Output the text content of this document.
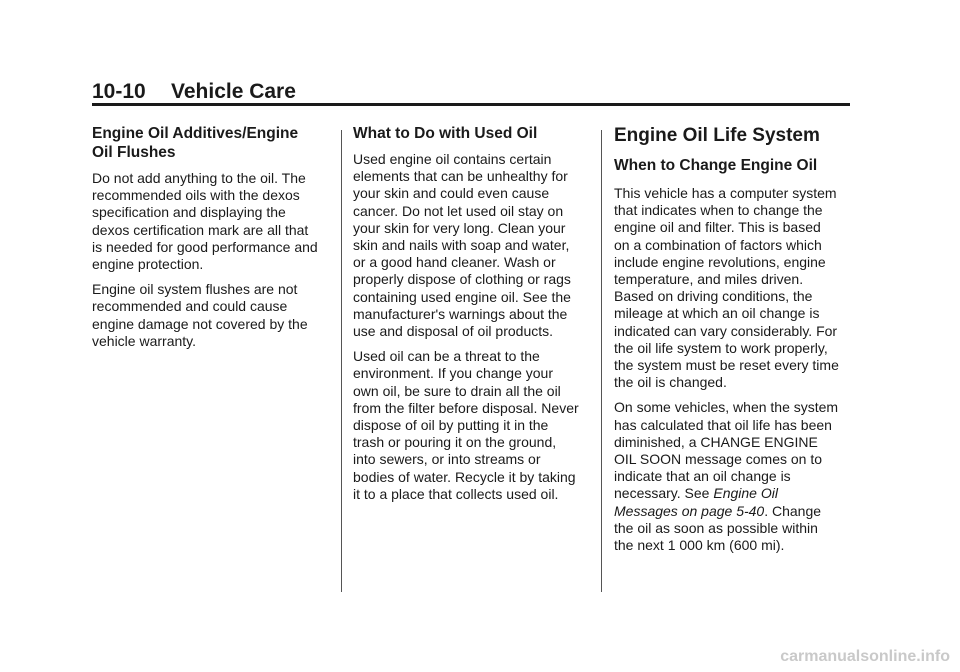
10-10 Vehicle Care
Engine Oil Additives/Engine
Oil Flushes

Do not add anything to the oil. The
recommended oils with the dexos
specification and displaying the
dexos certification mark are all that
is needed for good performance and
engine protection.

Engine oil system flushes are not
recommended and could cause
engine damage not covered by the
vehicle warranty.

What to Do with Used Oil

Used engine oil contains certain
elements that can be unhealthy for
your skin and could even cause
cancer. Do not let used oil stay on
your skin for very long. Clean your
skin and nails with soap and water,
or a good hand cleaner. Wash or
properly dispose of clothing or rags
containing used engine oil. See the
manufacturer's warnings about the
use and disposal of oil products.

Used oil can be a threat to the
environment. If you change your
own oil, be sure to drain all the oil
from the filter before disposal. Never
dispose of oil by putting it in the
trash or pouring it on the ground,
into sewers, or into streams or
bodies of water. Recycle it by taking
it to a place that collects used oil.

Engine Oil Life System
When to Change Engine Oil

This vehicle has a computer system
that indicates when to change the
engine oil and filter. This is based
on a combination of factors which
include engine revolutions, engine
temperature, and miles driven.
Based on driving conditions, the
mileage at which an oil change is
indicated can vary considerably. For
the oil life system to work properly,
the system must be reset every time
the oil is changed.

On some vehicles, when the system
has calculated that oil life has been
diminished, a CHANGE ENGINE
OIL SOON message comes on to
indicate that an oil change is
necessary. See Engine Oil
Messages on page 5-40. Change
the oil as soon as possible within
the next 1 000 km (600 mi).

carmanualsonline.info
